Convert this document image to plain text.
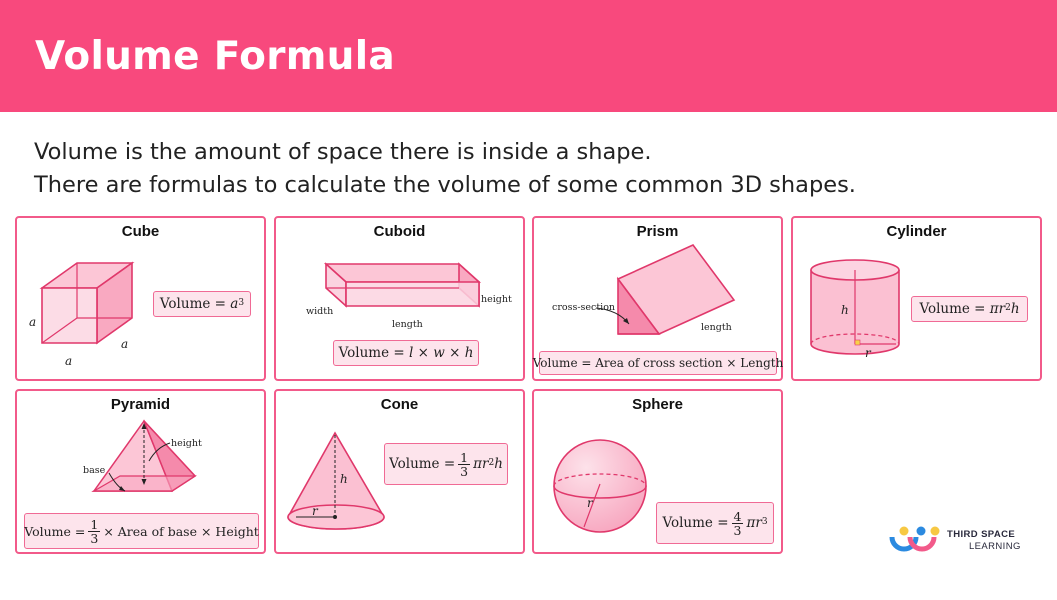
Volume Formula

Volume is the amount of space there is inside a shape.

There are formulas to calculate the volume of some common 3D shapes.

Cube
a
a
a
Volume = $a^3$
Cuboid
width
length
height
Volume = l × w × h
Prism
cross-section
length
Volume = Area of cross section × Length
Cylinder
h
r
Volume = $\pi r^2$ h
Pyramid
height
base
Volume = $\frac{1}{3}$ × Area of base × Height
Cone
h
r
Volume = $\frac{1}{3} \pi r^2$ h
Sphere
r
Volume = $\frac{4}{3} \pi r^3$
THIRD SPACE
LEARNING
